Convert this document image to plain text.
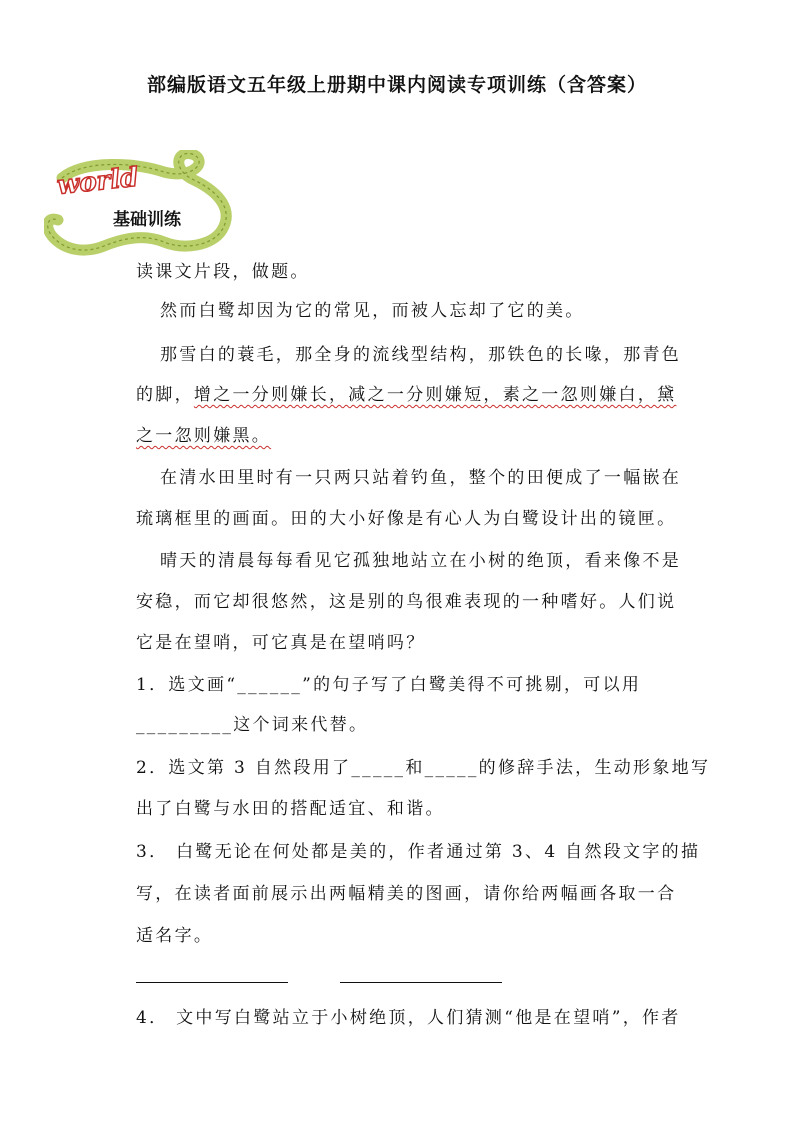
部编版语文五年级上册期中课内阅读专项训练（含答案）
world
基础训练
读课文片段，做题。
然而白鹭却因为它的常见，而被人忘却了它的美。
那雪白的蓑毛，那全身的流线型结构，那铁色的长喙，那青色
的脚，增之一分则嫌长，减之一分则嫌短，素之一忽则嫌白，黛
之一忽则嫌黑。
在清水田里时有一只两只站着钓鱼，整个的田便成了一幅嵌在
琉璃框里的画面。田的大小好像是有心人为白鹭设计出的镜匣。
晴天的清晨每每看见它孤独地站立在小树的绝顶，看来像不是
安稳，而它却很悠然，这是别的鸟很难表现的一种嗜好。人们说
它是在望哨，可它真是在望哨吗？
1．选文画“______”的句子写了白鹭美得不可挑剔，可以用
_________这个词来代替。
2．选文第 3 自然段用了_____和_____的修辞手法，生动形象地写
出了白鹭与水田的搭配适宜、和谐。
3． 白鹭无论在何处都是美的，作者通过第 3、4 自然段文字的描
写，在读者面前展示出两幅精美的图画，请你给两幅画各取一合
适名字。
4． 文中写白鹭站立于小树绝顶，人们猜测“他是在望哨”，作者
